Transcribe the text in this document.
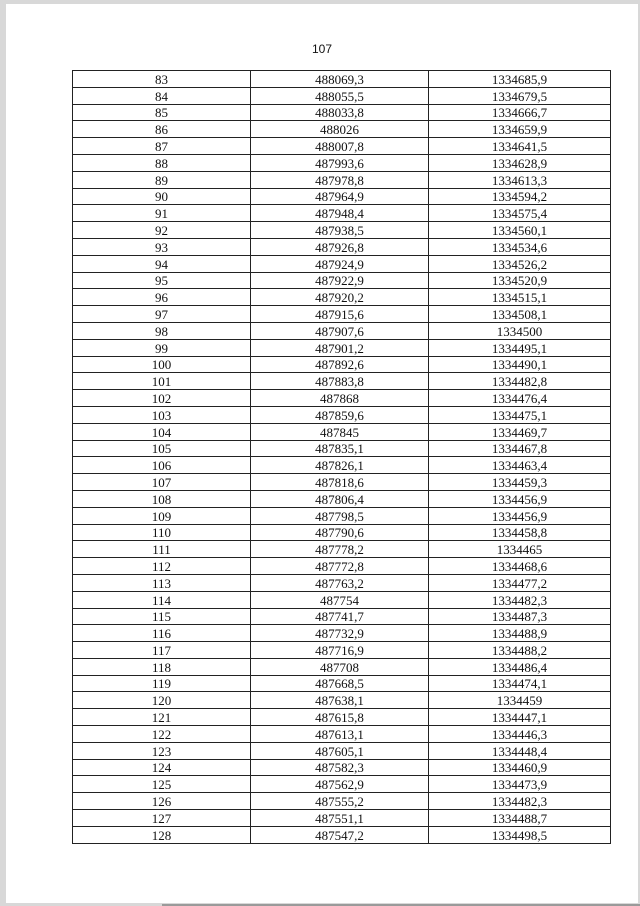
107
83	488069,3	1334685,9
84	488055,5	1334679,5
85	488033,8	1334666,7
86	488026	1334659,9
87	488007,8	1334641,5
88	487993,6	1334628,9
89	487978,8	1334613,3
90	487964,9	1334594,2
91	487948,4	1334575,4
92	487938,5	1334560,1
93	487926,8	1334534,6
94	487924,9	1334526,2
95	487922,9	1334520,9
96	487920,2	1334515,1
97	487915,6	1334508,1
98	487907,6	1334500
99	487901,2	1334495,1
100	487892,6	1334490,1
101	487883,8	1334482,8
102	487868	1334476,4
103	487859,6	1334475,1
104	487845	1334469,7
105	487835,1	1334467,8
106	487826,1	1334463,4
107	487818,6	1334459,3
108	487806,4	1334456,9
109	487798,5	1334456,9
110	487790,6	1334458,8
111	487778,2	1334465
112	487772,8	1334468,6
113	487763,2	1334477,2
114	487754	1334482,3
115	487741,7	1334487,3
116	487732,9	1334488,9
117	487716,9	1334488,2
118	487708	1334486,4
119	487668,5	1334474,1
120	487638,1	1334459
121	487615,8	1334447,1
122	487613,1	1334446,3
123	487605,1	1334448,4
124	487582,3	1334460,9
125	487562,9	1334473,9
126	487555,2	1334482,3
127	487551,1	1334488,7
128	487547,2	1334498,5
